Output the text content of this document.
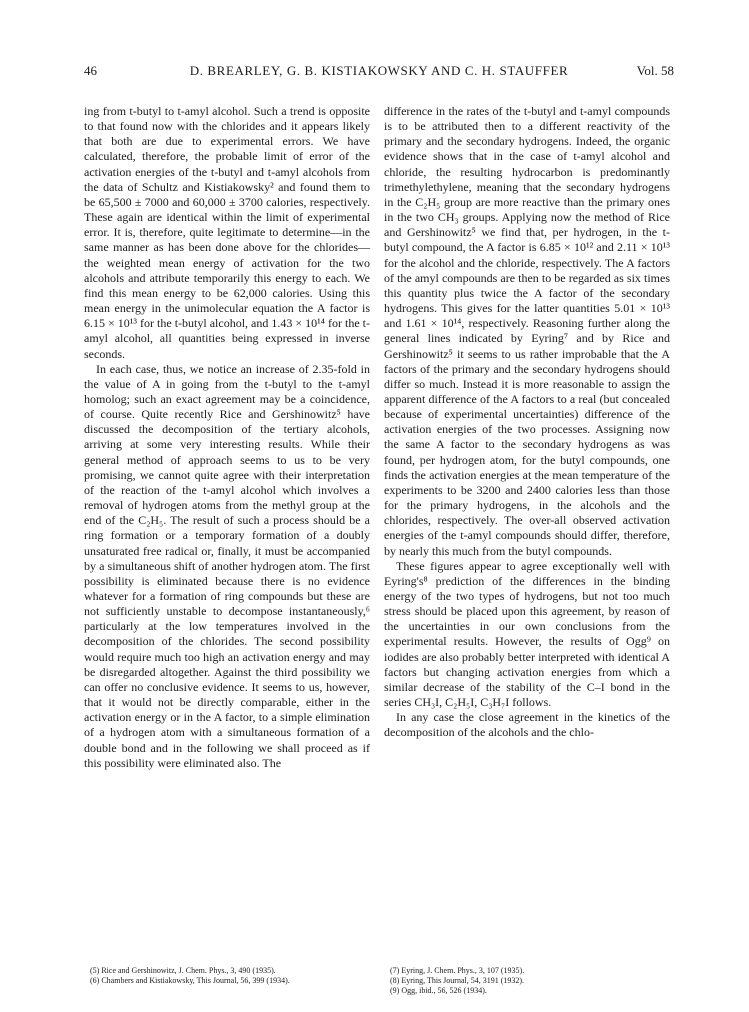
46	D. BREARLEY, G. B. KISTIAKOWSKY AND C. H. STAUFFER	Vol. 58

ing from t-butyl to t-amyl alcohol. Such a trend is opposite to that found now with the chlorides and it appears likely that both are due to experimental errors. We have calculated, therefore, the probable limit of error of the activation energies of the t-butyl and t-amyl alcohols from the data of Schultz and Kistiakowsky² and found them to be 65,500 ± 7000 and 60,000 ± 3700 calories, respectively. These again are identical within the limit of experimental error. It is, therefore, quite legitimate to determine—in the same manner as has been done above for the chlorides—the weighted mean energy of activation for the two alcohols and attribute temporarily this energy to each. We find this mean energy to be 62,000 calories. Using this mean energy in the unimolecular equation the A factor is 6.15 × 10¹³ for the t-butyl alcohol, and 1.43 × 10¹⁴ for the t-amyl alcohol, all quantities being expressed in inverse seconds.

In each case, thus, we notice an increase of 2.35-fold in the value of A in going from the t-butyl to the t-amyl homolog; such an exact agreement may be a coincidence, of course. Quite recently Rice and Gershinowitz⁵ have discussed the decomposition of the tertiary alcohols, arriving at some very interesting results. While their general method of approach seems to us to be very promising, we cannot quite agree with their interpretation of the reaction of the t-amyl alcohol which involves a removal of hydrogen atoms from the methyl group at the end of the C₂H₅. The result of such a process should be a ring formation or a temporary formation of a doubly unsaturated free radical or, finally, it must be accompanied by a simultaneous shift of another hydrogen atom. The first possibility is eliminated because there is no evidence whatever for a formation of ring compounds but these are not sufficiently unstable to decompose instantaneously,⁶ particularly at the low temperatures involved in the decomposition of the chlorides. The second possibility would require much too high an activation energy and may be disregarded altogether. Against the third possibility we can offer no conclusive evidence. It seems to us, however, that it would not be directly comparable, either in the activation energy or in the A factor, to a simple elimination of a hydrogen atom with a simultaneous formation of a double bond and in the following we shall proceed as if this possibility were eliminated also. The

difference in the rates of the t-butyl and t-amyl compounds is to be attributed then to a different reactivity of the primary and the secondary hydrogens. Indeed, the organic evidence shows that in the case of t-amyl alcohol and chloride, the resulting hydrocarbon is predominantly trimethylethylene, meaning that the secondary hydrogens in the C₂H₅ group are more reactive than the primary ones in the two CH₃ groups. Applying now the method of Rice and Gershinowitz⁵ we find that, per hydrogen, in the t-butyl compound, the A factor is 6.85 × 10¹² and 2.11 × 10¹³ for the alcohol and the chloride, respectively. The A factors of the amyl compounds are then to be regarded as six times this quantity plus twice the A factor of the secondary hydrogens. This gives for the latter quantities 5.01 × 10¹³ and 1.61 × 10¹⁴, respectively. Reasoning further along the general lines indicated by Eyring⁷ and by Rice and Gershinowitz⁵ it seems to us rather improbable that the A factors of the primary and the secondary hydrogens should differ so much. Instead it is more reasonable to assign the apparent difference of the A factors to a real (but concealed because of experimental uncertainties) difference of the activation energies of the two processes. Assigning now the same A factor to the secondary hydrogens as was found, per hydrogen atom, for the butyl compounds, one finds the activation energies at the mean temperature of the experiments to be 3200 and 2400 calories less than those for the primary hydrogens, in the alcohols and the chlorides, respectively. The over-all observed activation energies of the t-amyl compounds should differ, therefore, by nearly this much from the butyl compounds.

These figures appear to agree exceptionally well with Eyring's⁸ prediction of the differences in the binding energy of the two types of hydrogens, but not too much stress should be placed upon this agreement, by reason of the uncertainties in our own conclusions from the experimental results. However, the results of Ogg⁹ on iodides are also probably better interpreted with identical A factors but changing activation energies from which a similar decrease of the stability of the C–I bond in the series CH₃I, C₂H₅I, C₃H₇I follows.

In any case the close agreement in the kinetics of the decomposition of the alcohols and the chlo-

(5) Rice and Gershinowitz, J. Chem. Phys., 3, 490 (1935).
(6) Chambers and Kistiakowsky, This Journal, 56, 399 (1934).
(7) Eyring, J. Chem. Phys., 3, 107 (1935).
(8) Eyring, This Journal, 54, 3191 (1932).
(9) Ogg, ibid., 56, 526 (1934).
